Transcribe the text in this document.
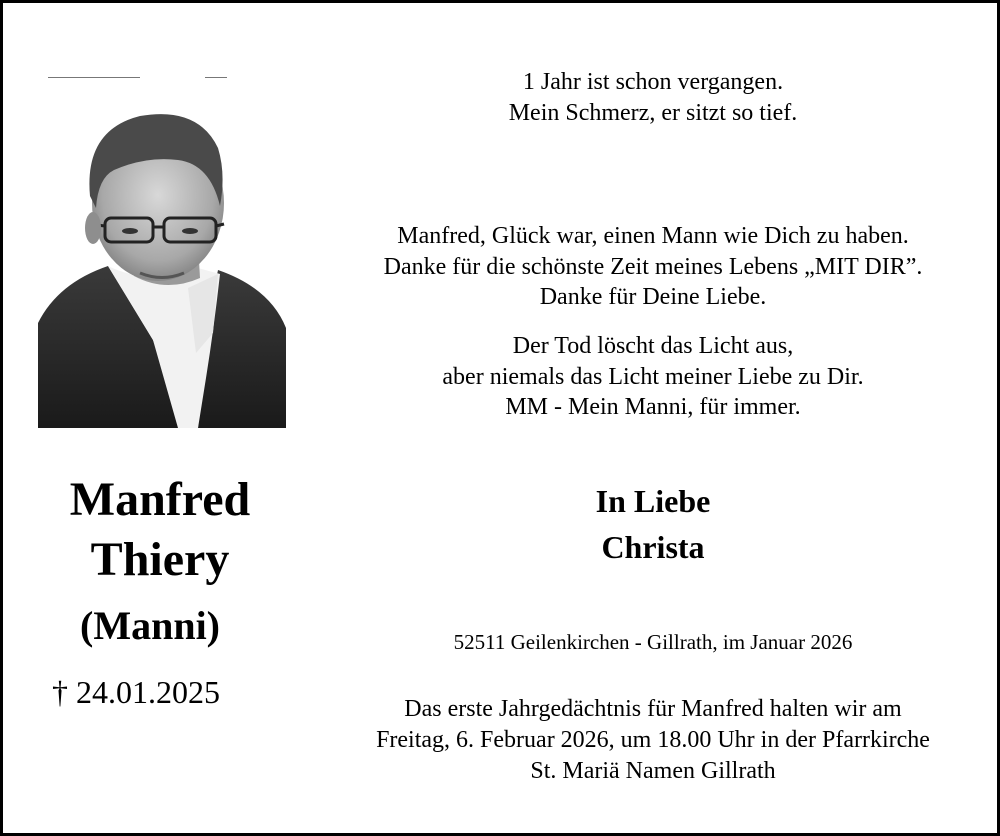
Manfred
Thiery
(Manni)
† 24.01.2025
1 Jahr ist schon vergangen.
Mein Schmerz, er sitzt so tief.
Manfred, Glück war, einen Mann wie Dich zu haben.
Danke für die schönste Zeit meines Lebens „MIT DIR”.
Danke für Deine Liebe.
Der Tod löscht das Licht aus,
aber niemals das Licht meiner Liebe zu Dir.
MM - Mein Manni, für immer.
In Liebe
Christa
52511 Geilenkirchen - Gillrath, im Januar 2026
Das erste Jahrgedächtnis für Manfred halten wir am
Freitag, 6. Februar 2026, um 18.00 Uhr in der Pfarrkirche
St. Mariä Namen Gillrath
